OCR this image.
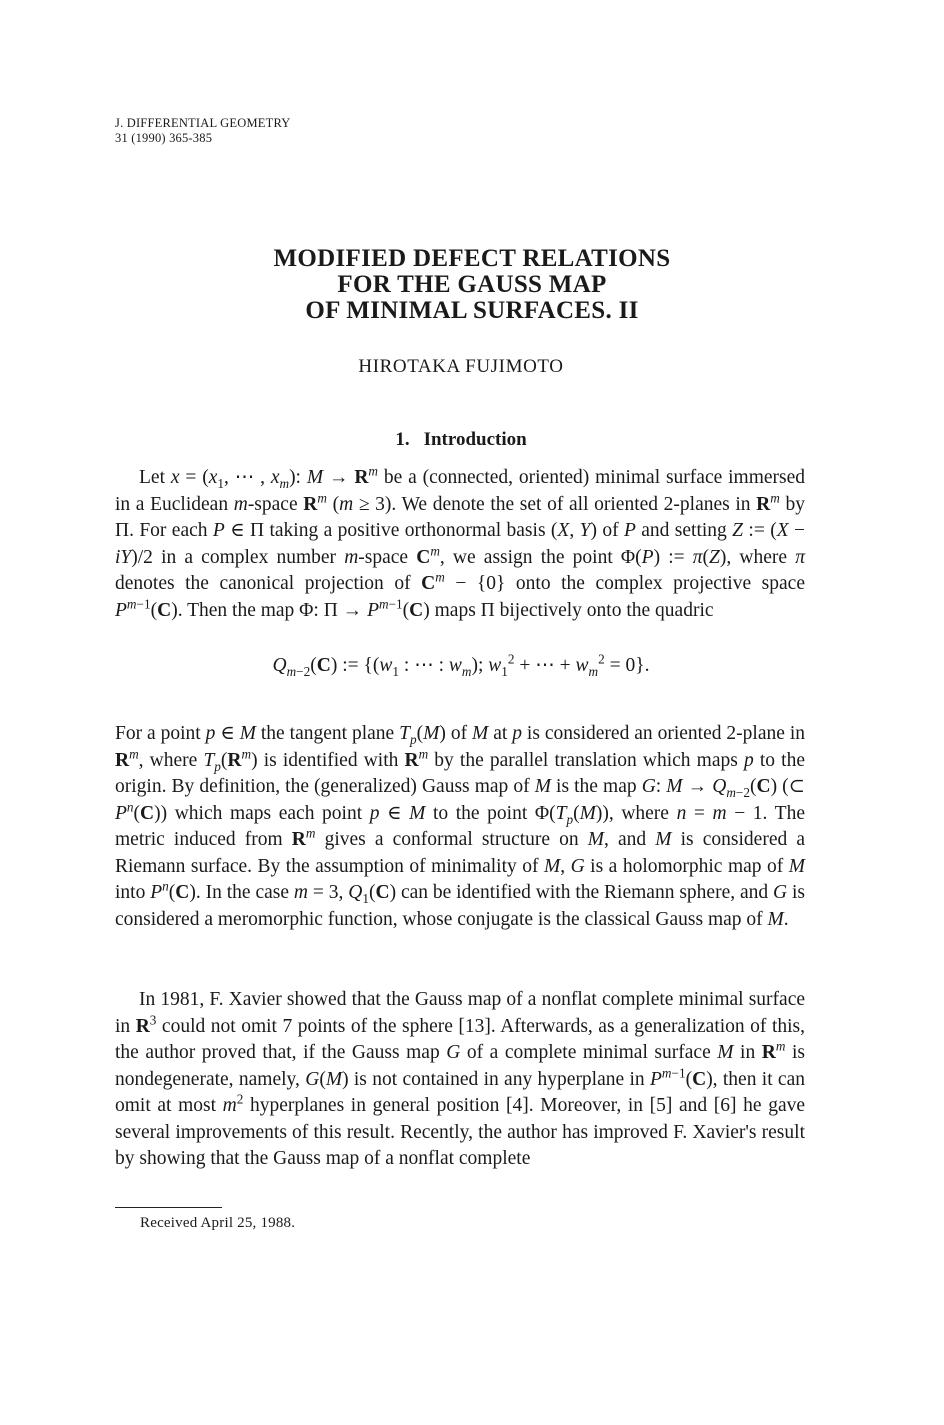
J. DIFFERENTIAL GEOMETRY
31 (1990) 365-385
MODIFIED DEFECT RELATIONS
FOR THE GAUSS MAP
OF MINIMAL SURFACES. II
HIROTAKA FUJIMOTO
1. Introduction
Let $x = (x_1$, ⋯ , $x_m$): $M \to R^m$ be a (connected, oriented) minimal surface immersed in a Euclidean m-space $R^m$ (m ≥ 3). We denote the set of all oriented 2-planes in $R^m$ by Π. For each P ∈ Π taking a positive orthonormal basis (X, Y) of P and setting Z := (X − iY)/2 in a complex number m-space $C^m$, we assign the point Φ(P) := π(Z), where π denotes the canonical projection of $C^m - \{0\}$ onto the complex projective space $P^{m-1}(C)$. Then the map Φ: $\Pi \to P^{m-1}(C)$ maps Π bijectively onto the quadric
$Q_{m-2}(C)$ := {($w_1$ : ⋯ : $w_m$); $w_1^2$ + ⋯ + $w_m^2 = 0$}.
For a point p ∈ M the tangent plane $T_p(M)$ of M at p is considered an oriented 2-plane in $R^m$, where $T_p(R^m)$ is identified with $R^m$ by the parallel translation which maps p to the origin. By definition, the (generalized) Gauss map of M is the map G: $M \to Q_{m-2}(C)$ (⊂ $P^n(C)$) which maps each point p ∈ M to the point $\Phi(T_p(M))$, where n = m − 1. The metric induced from $R^m$ gives a conformal structure on M, and M is considered a Riemann surface. By the assumption of minimality of M, G is a holomorphic map of M into $P^n(C)$. In the case m = 3, $Q_1(C)$ can be identified with the Riemann sphere, and G is considered a meromorphic function, whose conjugate is the classical Gauss map of M.
In 1981, F. Xavier showed that the Gauss map of a nonflat complete minimal surface in $R^3$ could not omit 7 points of the sphere [13]. Afterwards, as a generalization of this, the author proved that, if the Gauss map G of a complete minimal surface M in $R^m$ is nondegenerate, namely, G(M) is not contained in any hyperplane in $P^{m-1}(C)$, then it can omit at most $m^2$ hyperplanes in general position [4]. Moreover, in [5] and [6] he gave several improvements of this result. Recently, the author has improved F. Xavier's result by showing that the Gauss map of a nonflat complete
Received April 25, 1988.
